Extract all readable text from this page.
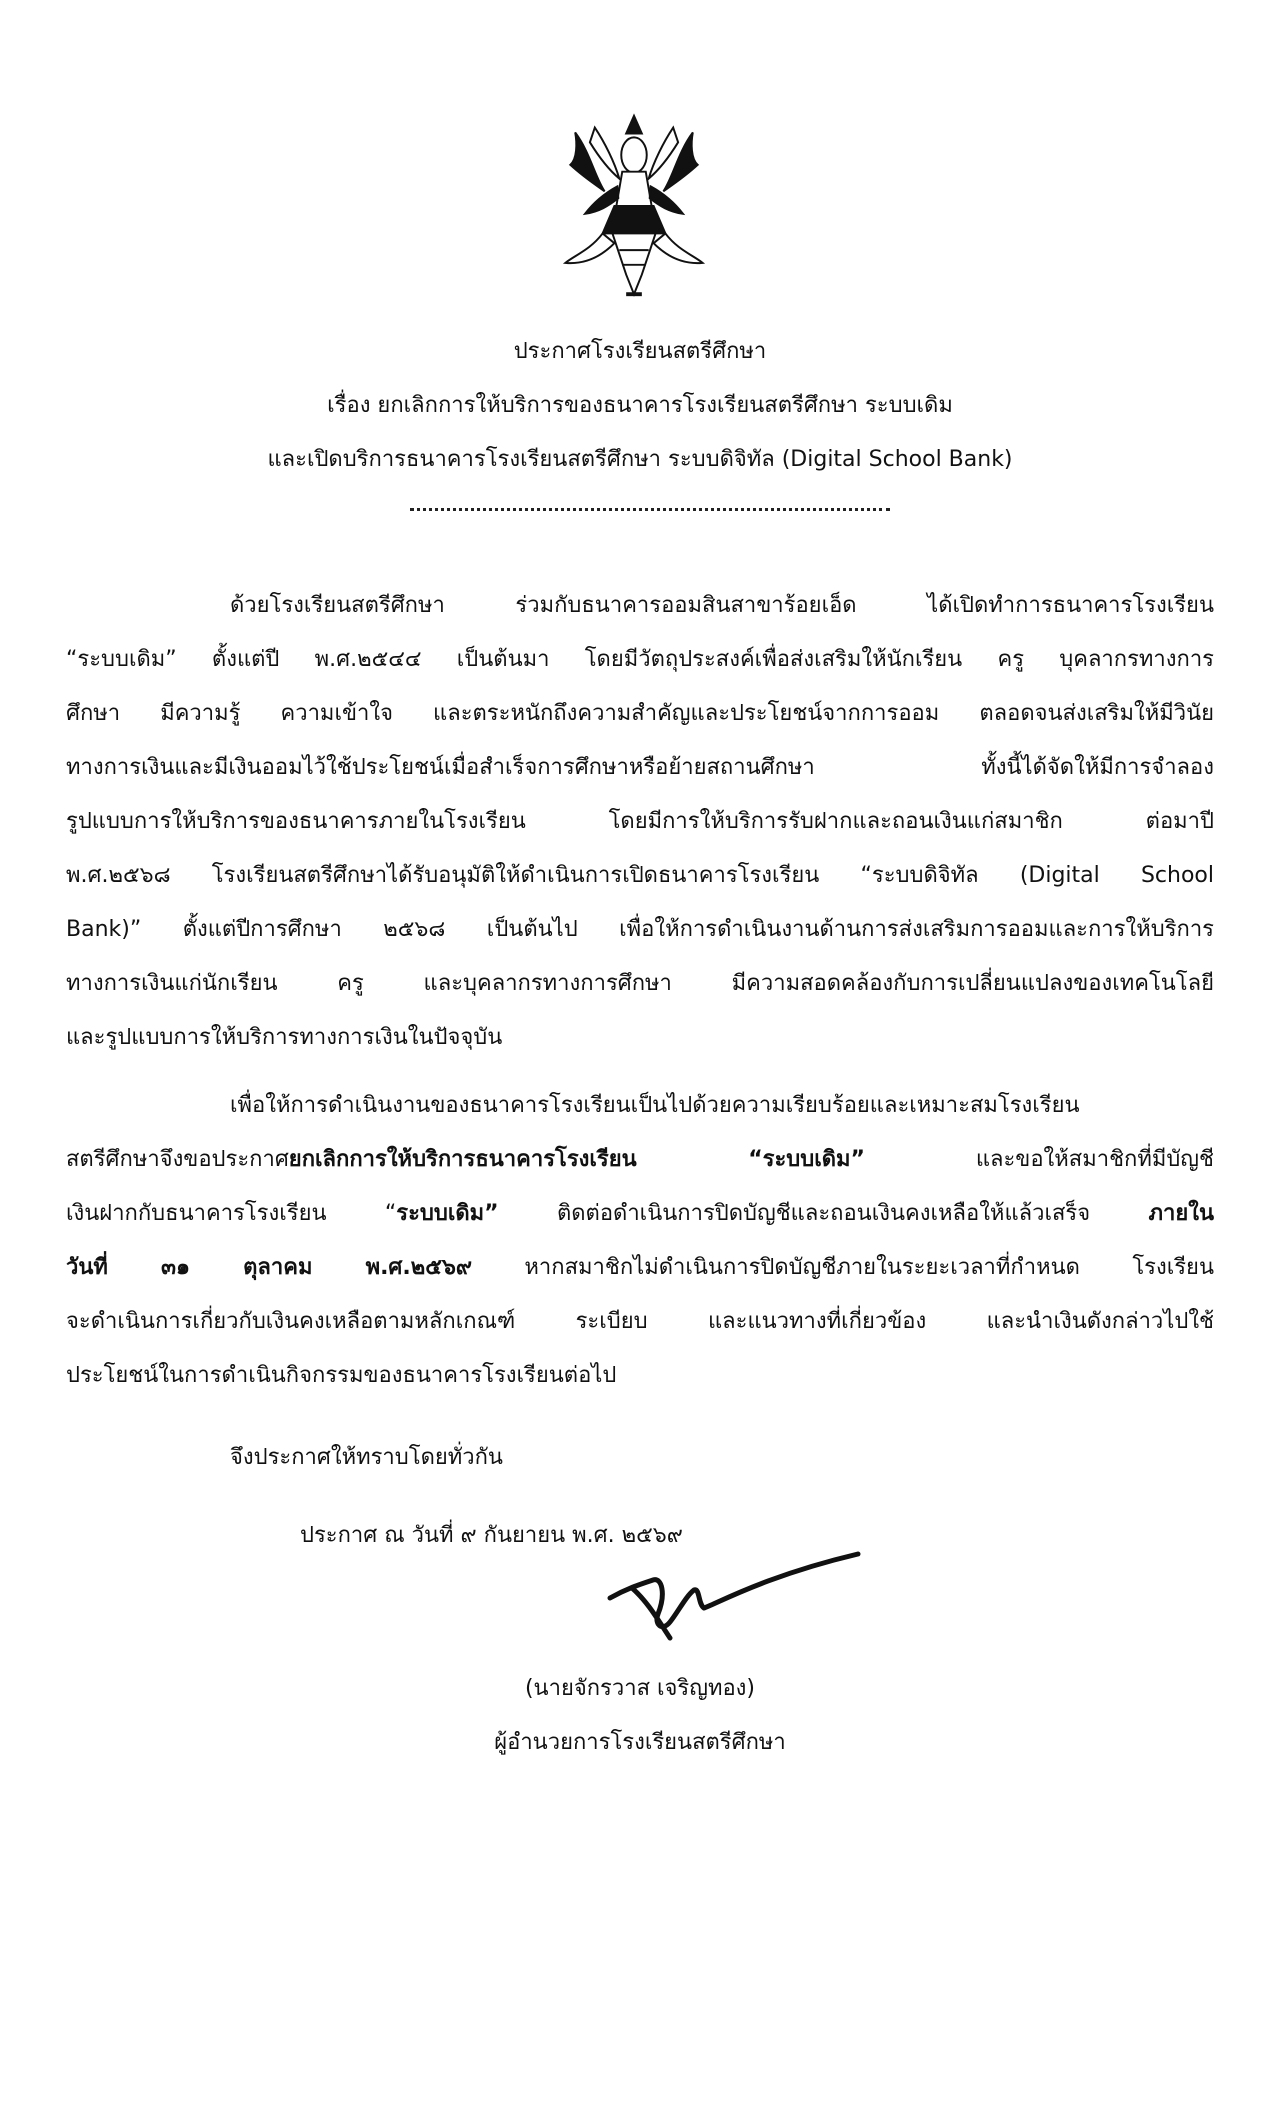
ประกาศโรงเรียนสตรีศึกษา
เรื่อง ยกเลิกการให้บริการของธนาคารโรงเรียนสตรีศึกษา ระบบเดิม
และเปิดบริการธนาคารโรงเรียนสตรีศึกษา ระบบดิจิทัล (Digital School Bank)
ด้วยโรงเรียนสตรีศึกษา ร่วมกับธนาคารออมสินสาขาร้อยเอ็ด ได้เปิดทำการธนาคารโรงเรียน
“ระบบเดิม” ตั้งแต่ปี พ.ศ.๒๕๔๔ เป็นต้นมา โดยมีวัตถุประสงค์เพื่อส่งเสริมให้นักเรียน ครู บุคลากรทางการ
ศึกษา มีความรู้ ความเข้าใจ และตระหนักถึงความสำคัญและประโยชน์จากการออม ตลอดจนส่งเสริมให้มีวินัย
ทางการเงินและมีเงินออมไว้ใช้ประโยชน์เมื่อสำเร็จการศึกษาหรือย้ายสถานศึกษา ทั้งนี้ได้จัดให้มีการจำลอง
รูปแบบการให้บริการของธนาคารภายในโรงเรียน โดยมีการให้บริการรับฝากและถอนเงินแก่สมาชิก ต่อมาปี
พ.ศ.๒๕๖๘ โรงเรียนสตรีศึกษาได้รับอนุมัติให้ดำเนินการเปิดธนาคารโรงเรียน “ระบบดิจิทัล (Digital School
Bank)” ตั้งแต่ปีการศึกษา ๒๕๖๘ เป็นต้นไป เพื่อให้การดำเนินงานด้านการส่งเสริมการออมและการให้บริการ
ทางการเงินแก่นักเรียน ครู และบุคลากรทางการศึกษา มีความสอดคล้องกับการเปลี่ยนแปลงของเทคโนโลยี
และรูปแบบการให้บริการทางการเงินในปัจจุบัน
เพื่อให้การดำเนินงานของธนาคารโรงเรียนเป็นไปด้วยความเรียบร้อยและเหมาะสมโรงเรียน
สตรีศึกษาจึงขอประกาศยกเลิกการให้บริการธนาคารโรงเรียน “ระบบเดิม” และขอให้สมาชิกที่มีบัญชี
เงินฝากกับธนาคารโรงเรียน “ระบบเดิม” ติดต่อดำเนินการปิดบัญชีและถอนเงินคงเหลือให้แล้วเสร็จ ภายใน
วันที่ ๓๑ ตุลาคม พ.ศ.๒๕๖๙ หากสมาชิกไม่ดำเนินการปิดบัญชีภายในระยะเวลาที่กำหนด โรงเรียน
จะดำเนินการเกี่ยวกับเงินคงเหลือตามหลักเกณฑ์ ระเบียบ และแนวทางที่เกี่ยวข้อง และนำเงินดังกล่าวไปใช้
ประโยชน์ในการดำเนินกิจกรรมของธนาคารโรงเรียนต่อไป
จึงประกาศให้ทราบโดยทั่วกัน
ประกาศ ณ วันที่ ๙ กันยายน พ.ศ. ๒๕๖๙
(นายจักรวาส เจริญทอง)
ผู้อำนวยการโรงเรียนสตรีศึกษา
